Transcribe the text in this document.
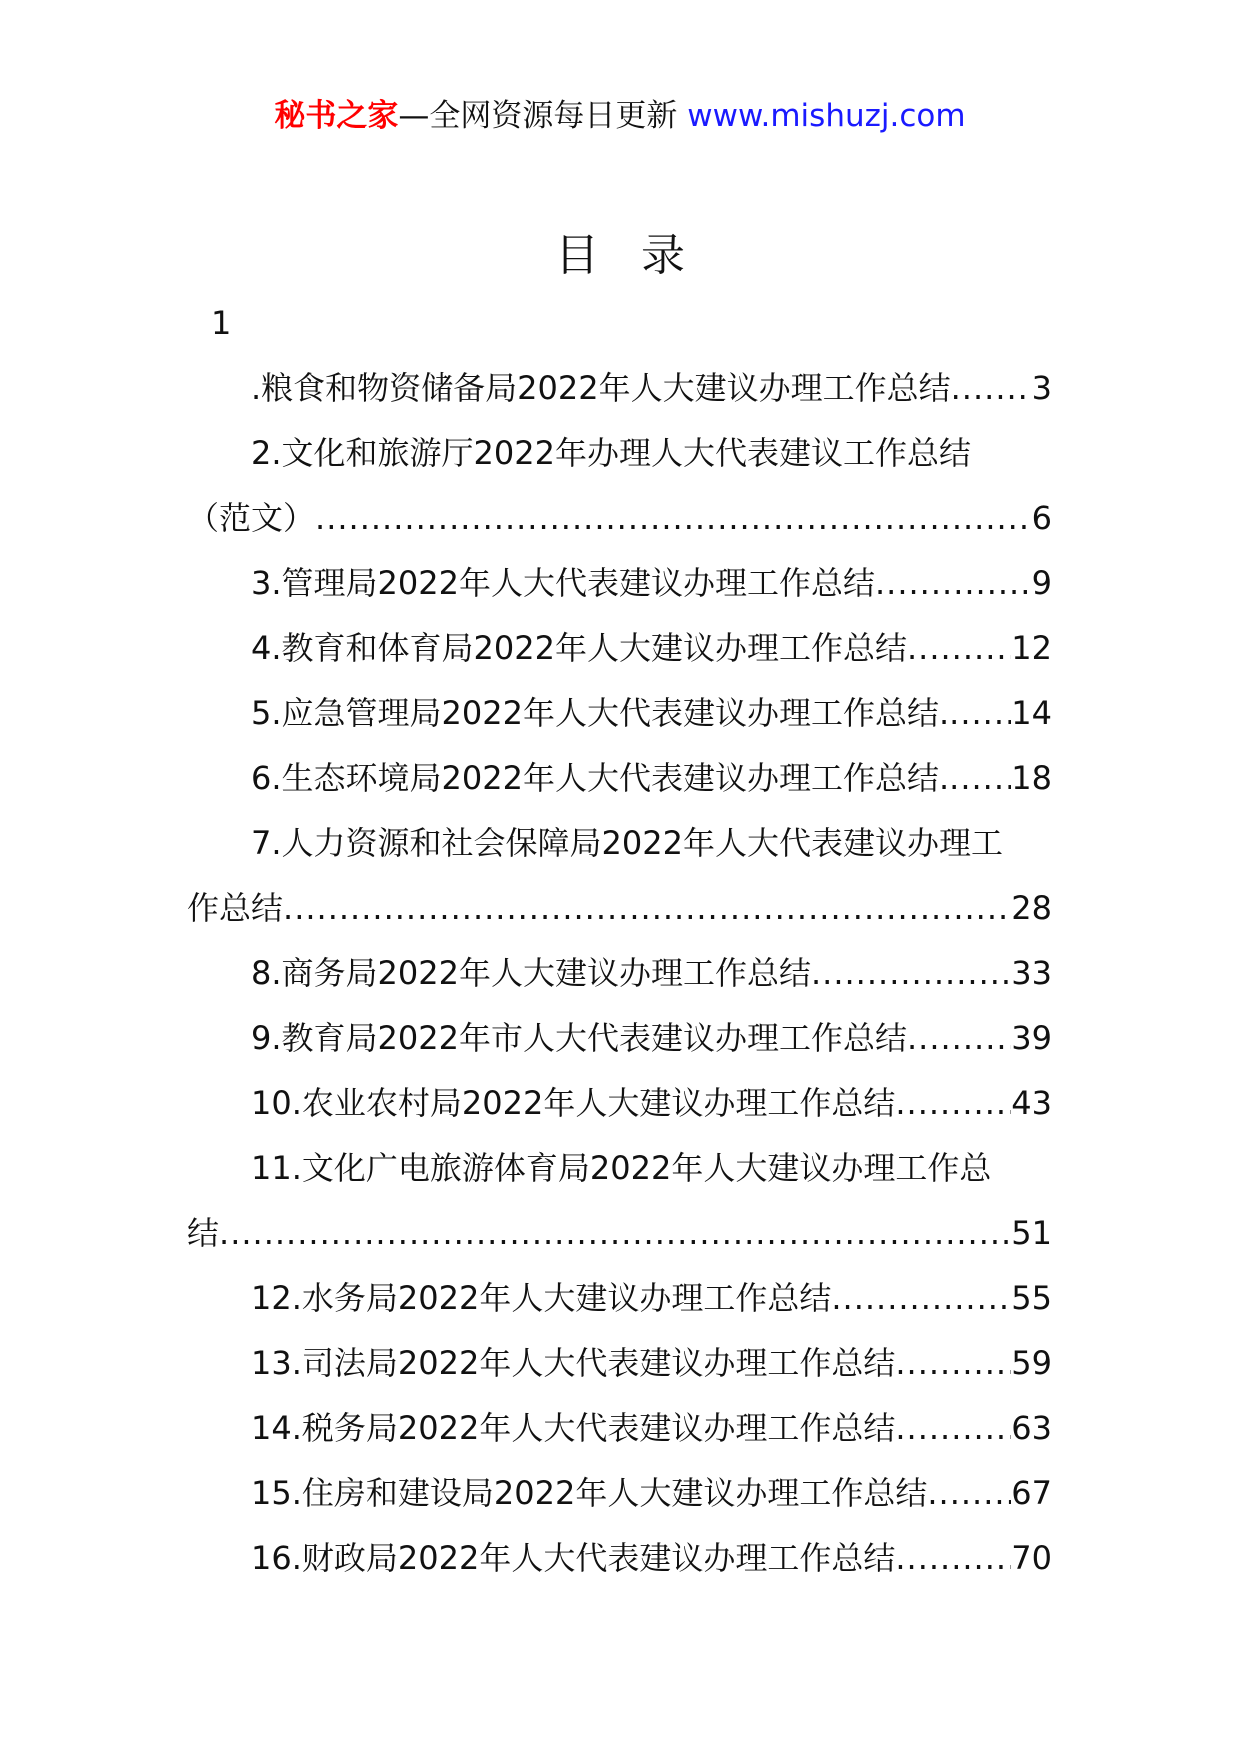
秘书之家—全网资源每日更新 www.mishuzj.com
目录
1
.粮食和物资储备局2022年人大建议办理工作总结 .....	3
2.文化和旅游厅2022年办理人大代表建议工作总结
（范文） .....	6
3.管理局2022年人大代表建议办理工作总结 .....	9
4.教育和体育局2022年人大建议办理工作总结 .....	12
5.应急管理局2022年人大代表建议办理工作总结. ..... 14
6.生态环境局2022年人大代表建议办理工作总结. ..... 18
7.人力资源和社会保障局2022年人大代表建议办理工
作总结 .....	28
8.商务局2022年人大建议办理工作总结 .....	33
9.教育局2022年市人大代表建议办理工作总结 .....	39
10.农业农村局2022年人大建议办理工作总结 .....	43
11.文化广电旅游体育局2022年人大建议办理工作总
结 .....	51
12.水务局2022年人大建议办理工作总结 .....	55
13.司法局2022年人大代表建议办理工作总结 .....	59
14.税务局2022年人大代表建议办理工作总结 .....	63
15.住房和建设局2022年人大建议办理工作总结 .....	67
16.财政局2022年人大代表建议办理工作总结 .....	70
